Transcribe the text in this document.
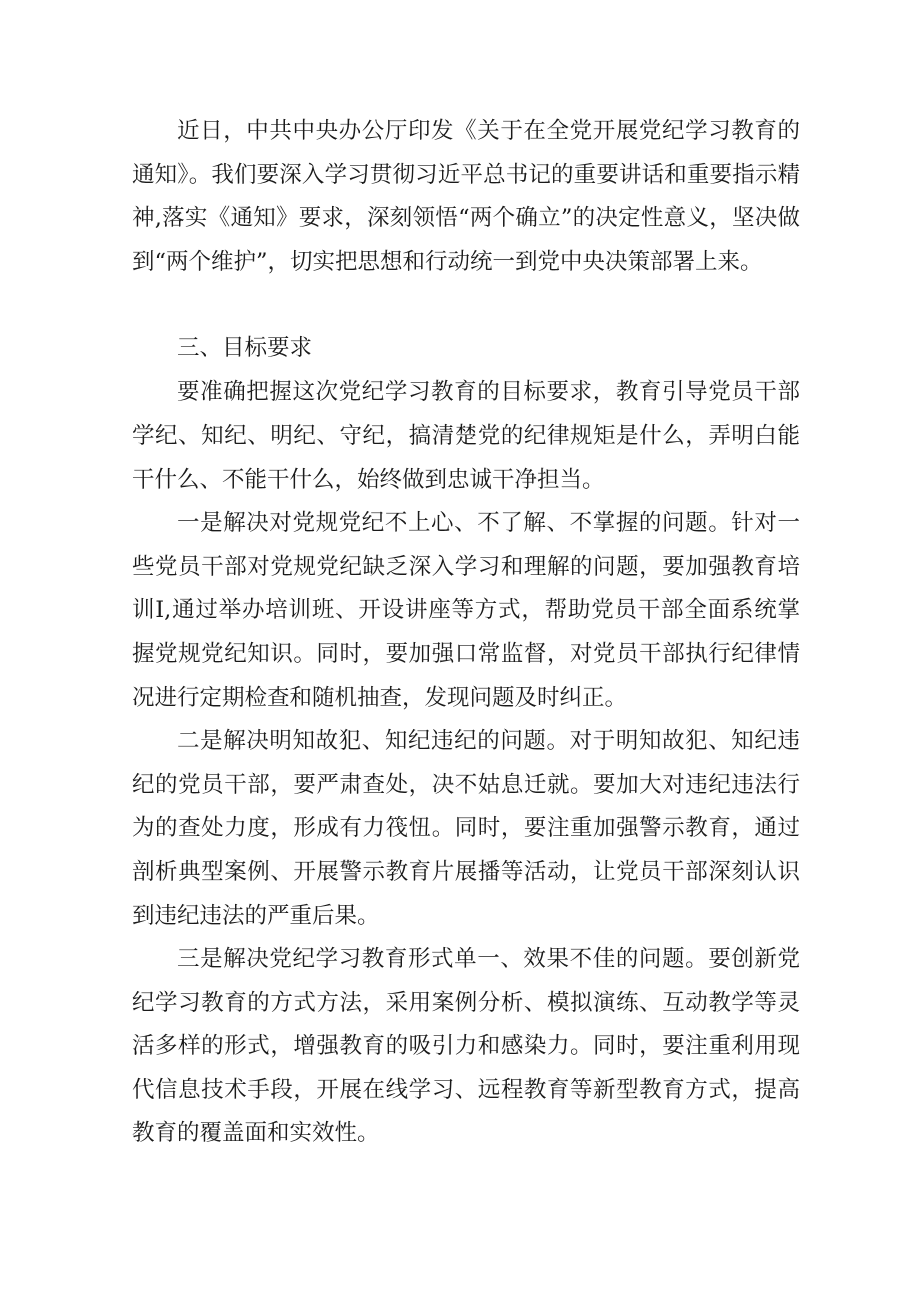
近日，中共中央办公厅印发《关于在全党开展党纪学习教育的通知》。我们要深入学习贯彻习近平总书记的重要讲话和重要指示精神,落实《通知》要求，深刻领悟“两个确立”的决定性意义，坚决做到“两个维护”，切实把思想和行动统一到党中央决策部署上来。

三、目标要求

要准确把握这次党纪学习教育的目标要求，教育引导党员干部学纪、知纪、明纪、守纪，搞清楚党的纪律规矩是什么，弄明白能干什么、不能干什么，始终做到忠诚干净担当。

一是解决对党规党纪不上心、不了解、不掌握的问题。针对一些党员干部对党规党纪缺乏深入学习和理解的问题，要加强教育培训I,通过举办培训班、开设讲座等方式，帮助党员干部全面系统掌握党规党纪知识。同时，要加强口常监督，对党员干部执行纪律情况进行定期检查和随机抽查，发现问题及时纠正。

二是解决明知故犯、知纪违纪的问题。对于明知故犯、知纪违纪的党员干部，要严肃查处，决不姑息迁就。要加大对违纪违法行为的查处力度，形成有力筏忸。同时，要注重加强警示教育，通过剖析典型案例、开展警示教育片展播等活动，让党员干部深刻认识到违纪违法的严重后果。

三是解决党纪学习教育形式单一、效果不佳的问题。要创新党纪学习教育的方式方法，采用案例分析、模拟演练、互动教学等灵活多样的形式，增强教育的吸引力和感染力。同时，要注重利用现代信息技术手段，开展在线学习、远程教育等新型教育方式，提高教育的覆盖面和实效性。
